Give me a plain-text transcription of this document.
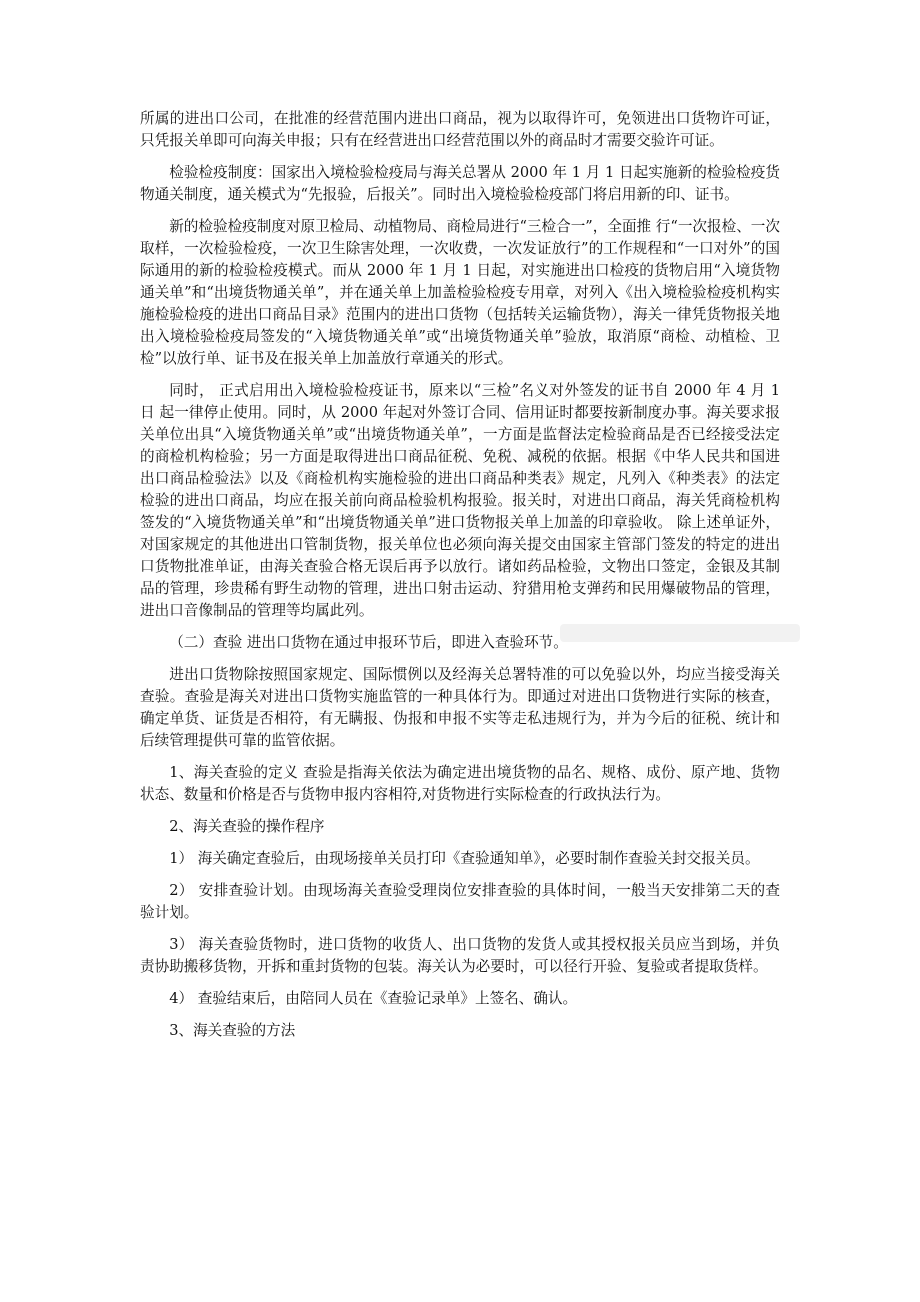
所属的进出口公司，在批准的经营范围内进出口商品，视为以取得许可，免领进出口货物许可证，只凭报关单即可向海关申报；只有在经营进出口经营范围以外的商品时才需要交验许可证。

检验检疫制度：国家出入境检验检疫局与海关总署从 2000 年 1 月 1 日起实施新的检验检疫货物通关制度，通关模式为“先报验，后报关”。同时出入境检验检疫部门将启用新的印、证书。

新的检验检疫制度对原卫检局、动植物局、商检局进行“三检合一”，全面推 行“一次报检、一次取样，一次检验检疫，一次卫生除害处理，一次收费，一次发证放行”的工作规程和“一口对外”的国际通用的新的检验检疫模式。而从 2000 年 1 月 1 日起，对实施进出口检疫的货物启用“入境货物通关单”和“出境货物通关单”，并在通关单上加盖检验检疫专用章，对列入《出入境检验检疫机构实施检验检疫的进出口商品目录》范围内的进出口货物（包括转关运输货物），海关一律凭货物报关地出入境检验检疫局签发的“入境货物通关单”或“出境货物通关单”验放，取消原“商检、动植检、卫检”以放行单、证书及在报关单上加盖放行章通关的形式。

同时， 正式启用出入境检验检疫证书，原来以“三检”名义对外签发的证书自 2000 年 4 月 1 日 起一律停止使用。同时，从 2000 年起对外签订合同、信用证时都要按新制度办事。海关要求报关单位出具“入境货物通关单”或“出境货物通关单”，一方面是监督法定检验商品是否已经接受法定的商检机构检验；另一方面是取得进出口商品征税、免税、减税的依据。根据《中华人民共和国进出口商品检验法》以及《商检机构实施检验的进出口商品种类表》规定，凡列入《种类表》的法定检验的进出口商品，均应在报关前向商品检验机构报验。报关时，对进出口商品，海关凭商检机构签发的“入境货物通关单”和“出境货物通关单”进口货物报关单上加盖的印章验收。 除上述单证外，对国家规定的其他进出口管制货物，报关单位也必须向海关提交由国家主管部门签发的特定的进出口货物批准单证，由海关查验合格无误后再予以放行。诸如药品检验，文物出口签定，金银及其制品的管理，珍贵稀有野生动物的管理，进出口射击运动、狩猎用枪支弹药和民用爆破物品的管理，进出口音像制品的管理等均属此列。

（二）查验 进出口货物在通过申报环节后，即进入查验环节。

进出口货物除按照国家规定、国际惯例以及经海关总署特准的可以免验以外，均应当接受海关查验。查验是海关对进出口货物实施监管的一种具体行为。即通过对进出口货物进行实际的核查，确定单货、证货是否相符，有无瞒报、伪报和申报不实等走私违规行为，并为今后的征税、统计和后续管理提供可靠的监管依据。

1、海关查验的定义 查验是指海关依法为确定进出境货物的品名、规格、成份、原产地、货物状态、数量和价格是否与货物申报内容相符,对货物进行实际检查的行政执法行为。

2、海关查验的操作程序

1） 海关确定查验后，由现场接单关员打印《查验通知单》，必要时制作查验关封交报关员。

2） 安排查验计划。由现场海关查验受理岗位安排查验的具体时间，一般当天安排第二天的查验计划。

3） 海关查验货物时，进口货物的收货人、出口货物的发货人或其授权报关员应当到场，并负责协助搬移货物，开拆和重封货物的包装。海关认为必要时，可以径行开验、复验或者提取货样。

4） 查验结束后，由陪同人员在《查验记录单》上签名、确认。

3、海关查验的方法
